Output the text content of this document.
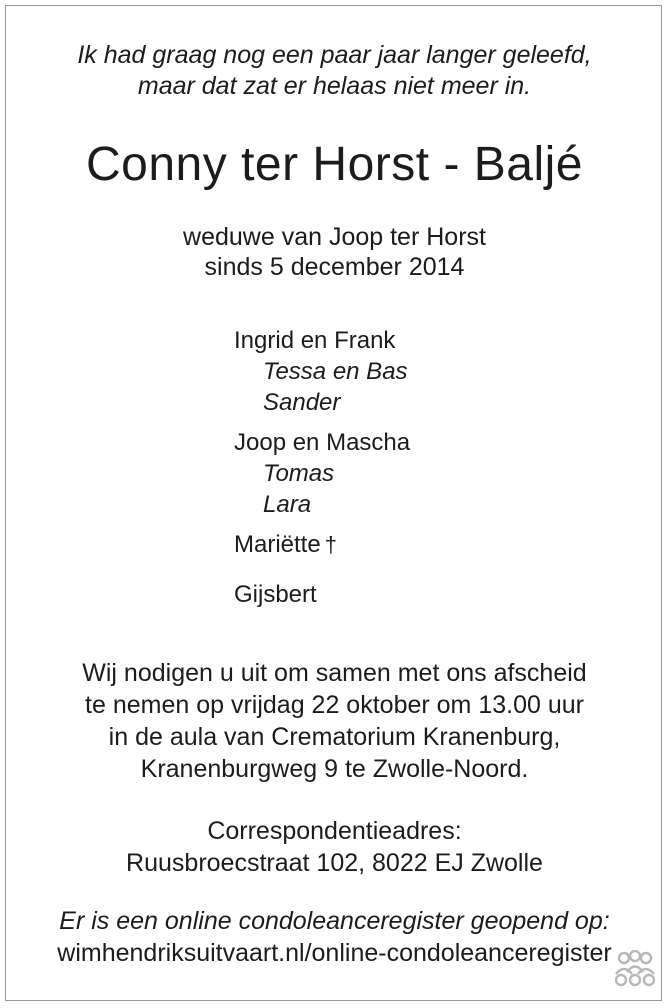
Ik had graag nog een paar jaar langer geleefd,
maar dat zat er helaas niet meer in.
Conny ter Horst - Baljé
weduwe van Joop ter Horst
sinds 5 december 2014
Ingrid en Frank
Tessa en Bas
Sander
Joop en Mascha
Tomas
Lara
Mariëtte †
Gijsbert
Wij nodigen u uit om samen met ons afscheid
te nemen op vrijdag 22 oktober om 13.00 uur
in de aula van Crematorium Kranenburg,
Kranenburgweg 9 te Zwolle-Noord.
Correspondentieadres:
Ruusbroecstraat 102, 8022 EJ Zwolle
Er is een online condoleanceregister geopend op:
wimhendriksuitvaart.nl/online-condoleanceregister
